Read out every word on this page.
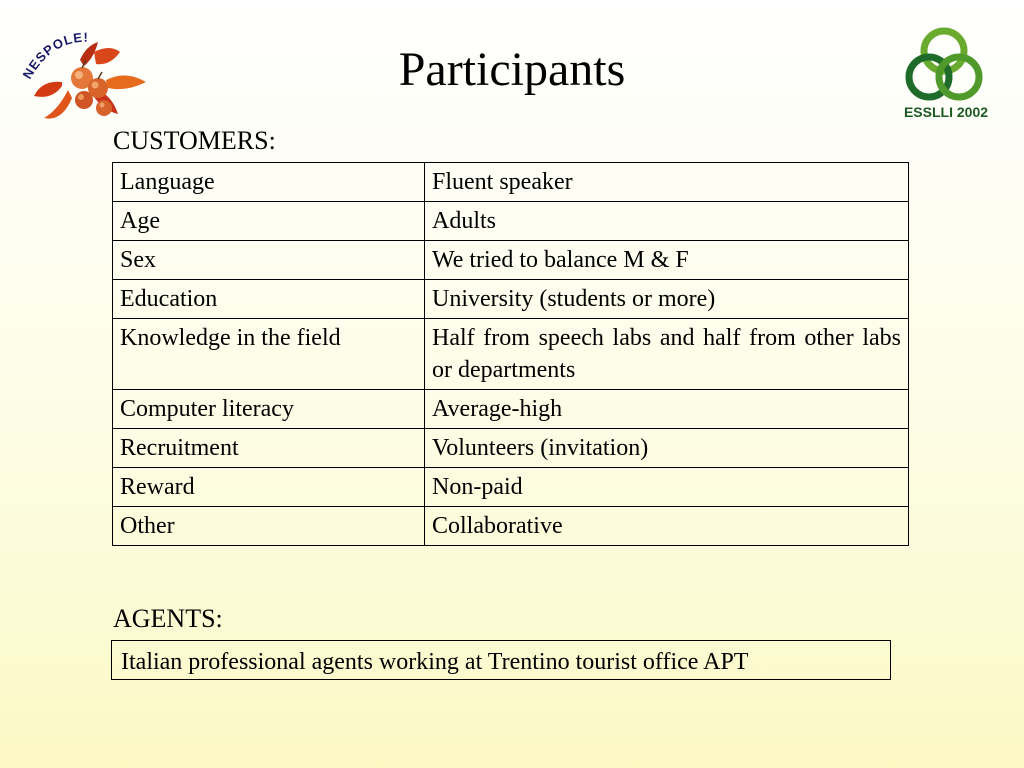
ESPOLE!
Participants
ESSLLI 2002
CUSTOMERS:
Language	Fluent speaker
Age	Adults
Sex	We tried to balance M & F
Education	University (students or more)
Knowledge in the field	Half from speech labs and half from other labs or departments
Computer literacy	Average-high
Recruitment	Volunteers (invitation)
Reward	Non-paid
Other	Collaborative
AGENTS:
Italian professional agents working at Trentino tourist office APT
